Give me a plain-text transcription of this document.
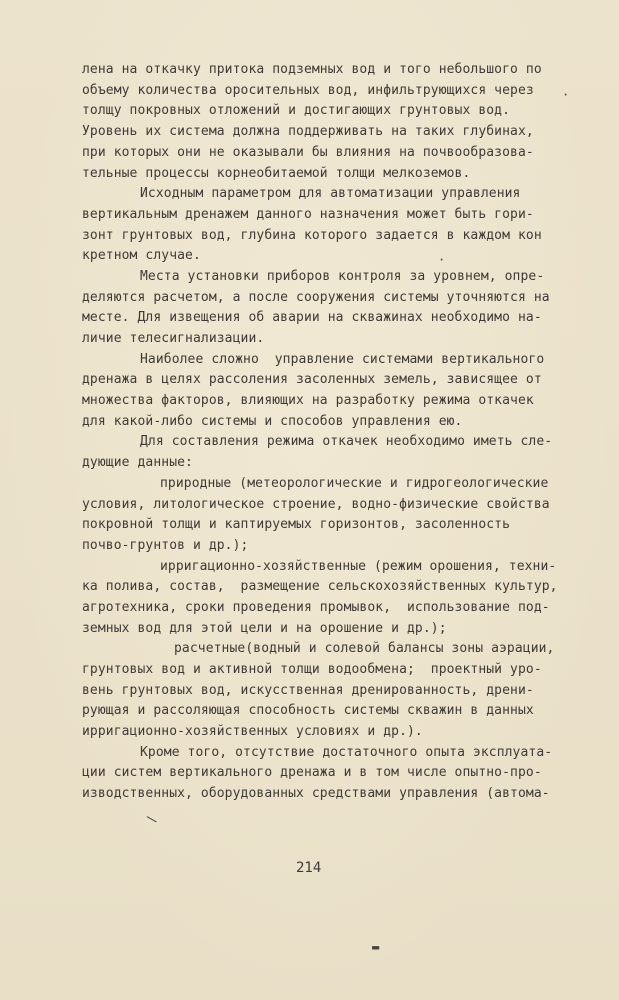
лена на откачку притока подземных вод и того небольшого по
объему количества оросительных вод, инфильтрующихся через
толщу покровных отложений и достигающих грунтовых вод.
Уровень их система должна поддерживать на таких глубинах,
при которых они не оказывали бы влияния на почвообразова-
тельные процессы корнеобитаемой толщи мелкоземов.
Исходным параметром для автоматизации управления
вертикальным дренажем данного назначения может быть гори-
зонт грунтовых вод, глубина которого задается в каждом кон
кретном случае.
Места установки приборов контроля за уровнем, опре-
деляются расчетом, а после сооружения системы уточняются на
месте. Для извещения об аварии на скважинах необходимо на-
личие телесигнализации.
Наиболее сложно  управление системами вертикального
дренажа в целях рассоления засоленных земель, зависящее от
множества факторов, влияющих на разработку режима откачек
для какой-либо системы и способов управления ею.
Для составления режима откачек необходимо иметь сле-
дующие данные:
природные (метеорологические и гидрогеологические
условия, литологическое строение, водно-физические свойства
покровной толщи и каптируемых горизонтов, засоленность
почво-грунтов и др.);
ирригационно-хозяйственные (режим орошения, техни-
ка полива, состав,  размещение сельскохозяйственных культур,
агротехника, сроки проведения промывок,  использование под-
земных вод для этой цели и на орошение и др.);
расчетные(водный и солевой балансы зоны аэрации,
грунтовых вод и активной толщи водообмена;  проектный уро-
вень грунтовых вод, искусственная дренированность, дрени-
рующая и рассоляющая способность системы скважин в данных
ирригационно-хозяйственных условиях и др.).
Кроме того, отсутствие достаточного опыта эксплуата-
ции систем вертикального дренажа и в том числе опытно-про-
изводственных, оборудованных средствами управления (автома-
·
·
\
▬
214
